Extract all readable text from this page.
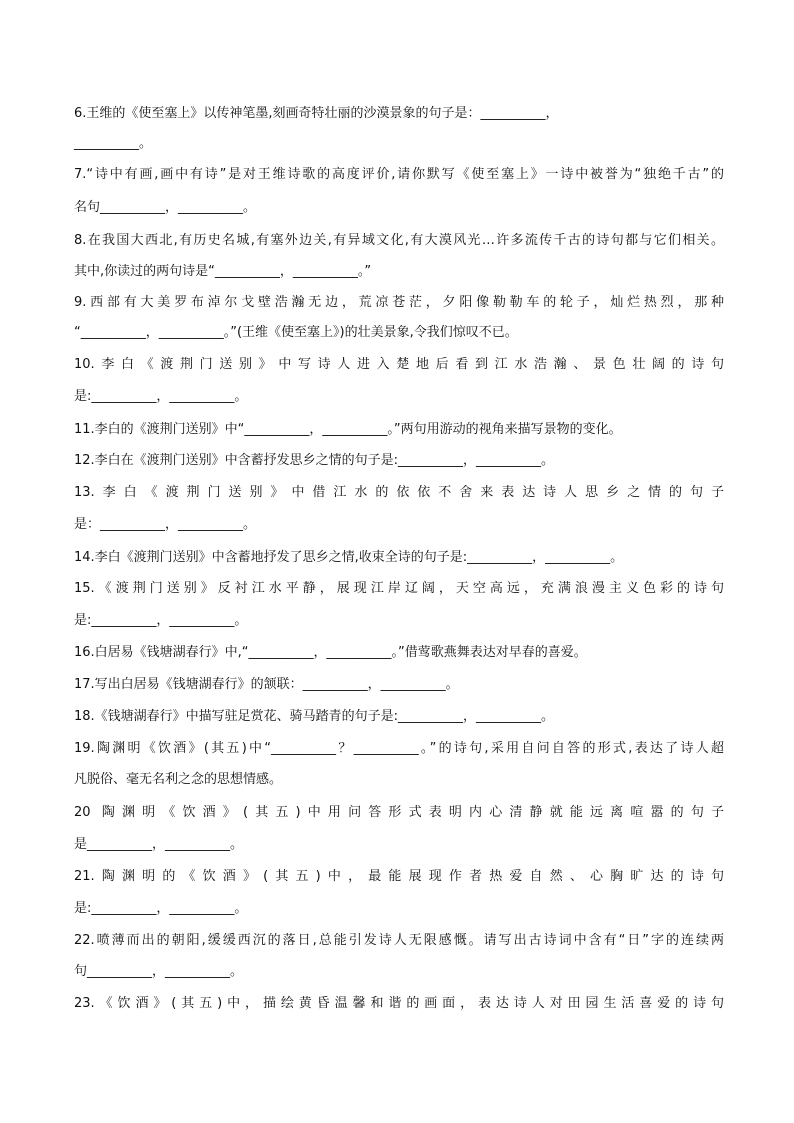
6.王维的《使至塞上》以传神笔墨,刻画奇特壮丽的沙漠景象的句子是：__________，
__________。
7.“诗中有画,画中有诗”是对王维诗歌的高度评价,请你默写《使至塞上》一诗中被誉为“独绝千古”的
名句__________，__________。
8.在我国大西北,有历史名城,有塞外边关,有异域文化,有大漠风光…许多流传千古的诗句都与它们相关。
其中,你读过的两句诗是“__________，__________。”
9.西部有大美罗布淖尔戈壁浩瀚无边，荒凉苍茫，夕阳像勒勒车的轮子，灿烂热烈，那种
“__________，__________。”(王维《使至塞上》)的壮美景象,令我们惊叹不已。
10.李白《渡荆门送别》中写诗人进入楚地后看到江水浩瀚、景色壮阔的诗句
是:__________，__________。
11.李白的《渡荆门送别》中“__________，__________。”两句用游动的视角来描写景物的变化。
12.李白在《渡荆门送别》中含蓄抒发思乡之情的句子是:__________，__________。
13.李白《渡荆门送别》中借江水的依依不舍来表达诗人思乡之情的句子
是：__________，__________。
14.李白《渡荆门送别》中含蓄地抒发了思乡之情,收束全诗的句子是:__________，__________。
15.《渡荆门送别》反衬江水平静，展现江岸辽阔，天空高远，充满浪漫主义色彩的诗句
是:__________，__________。
16.白居易《钱塘湖春行》中,“__________，__________。”借莺歌燕舞表达对早春的喜爱。
17.写出白居易《钱塘湖春行》的颔联：__________，__________。
18.《钱塘湖春行》中描写驻足赏花、骑马踏青的句子是:__________，__________。
19.陶渊明《饮酒》(其五)中“__________？__________。”的诗句,采用自问自答的形式,表达了诗人超
凡脱俗、毫无名利之念的思想情感。
20 陶渊明《饮酒》(其五)中用问答形式表明内心清静就能远离喧嚣的句子
是__________，__________。
21.陶渊明的《饮酒》(其五)中，最能展现作者热爱自然、心胸旷达的诗句
是:__________，__________。
22.喷薄而出的朝阳,缓缓西沉的落日,总能引发诗人无限感慨。请写出古诗词中含有“日”字的连续两
句__________，__________。
23.《饮酒》(其五)中，描绘黄昏温馨和谐的画面，表达诗人对田园生活喜爱的诗句
